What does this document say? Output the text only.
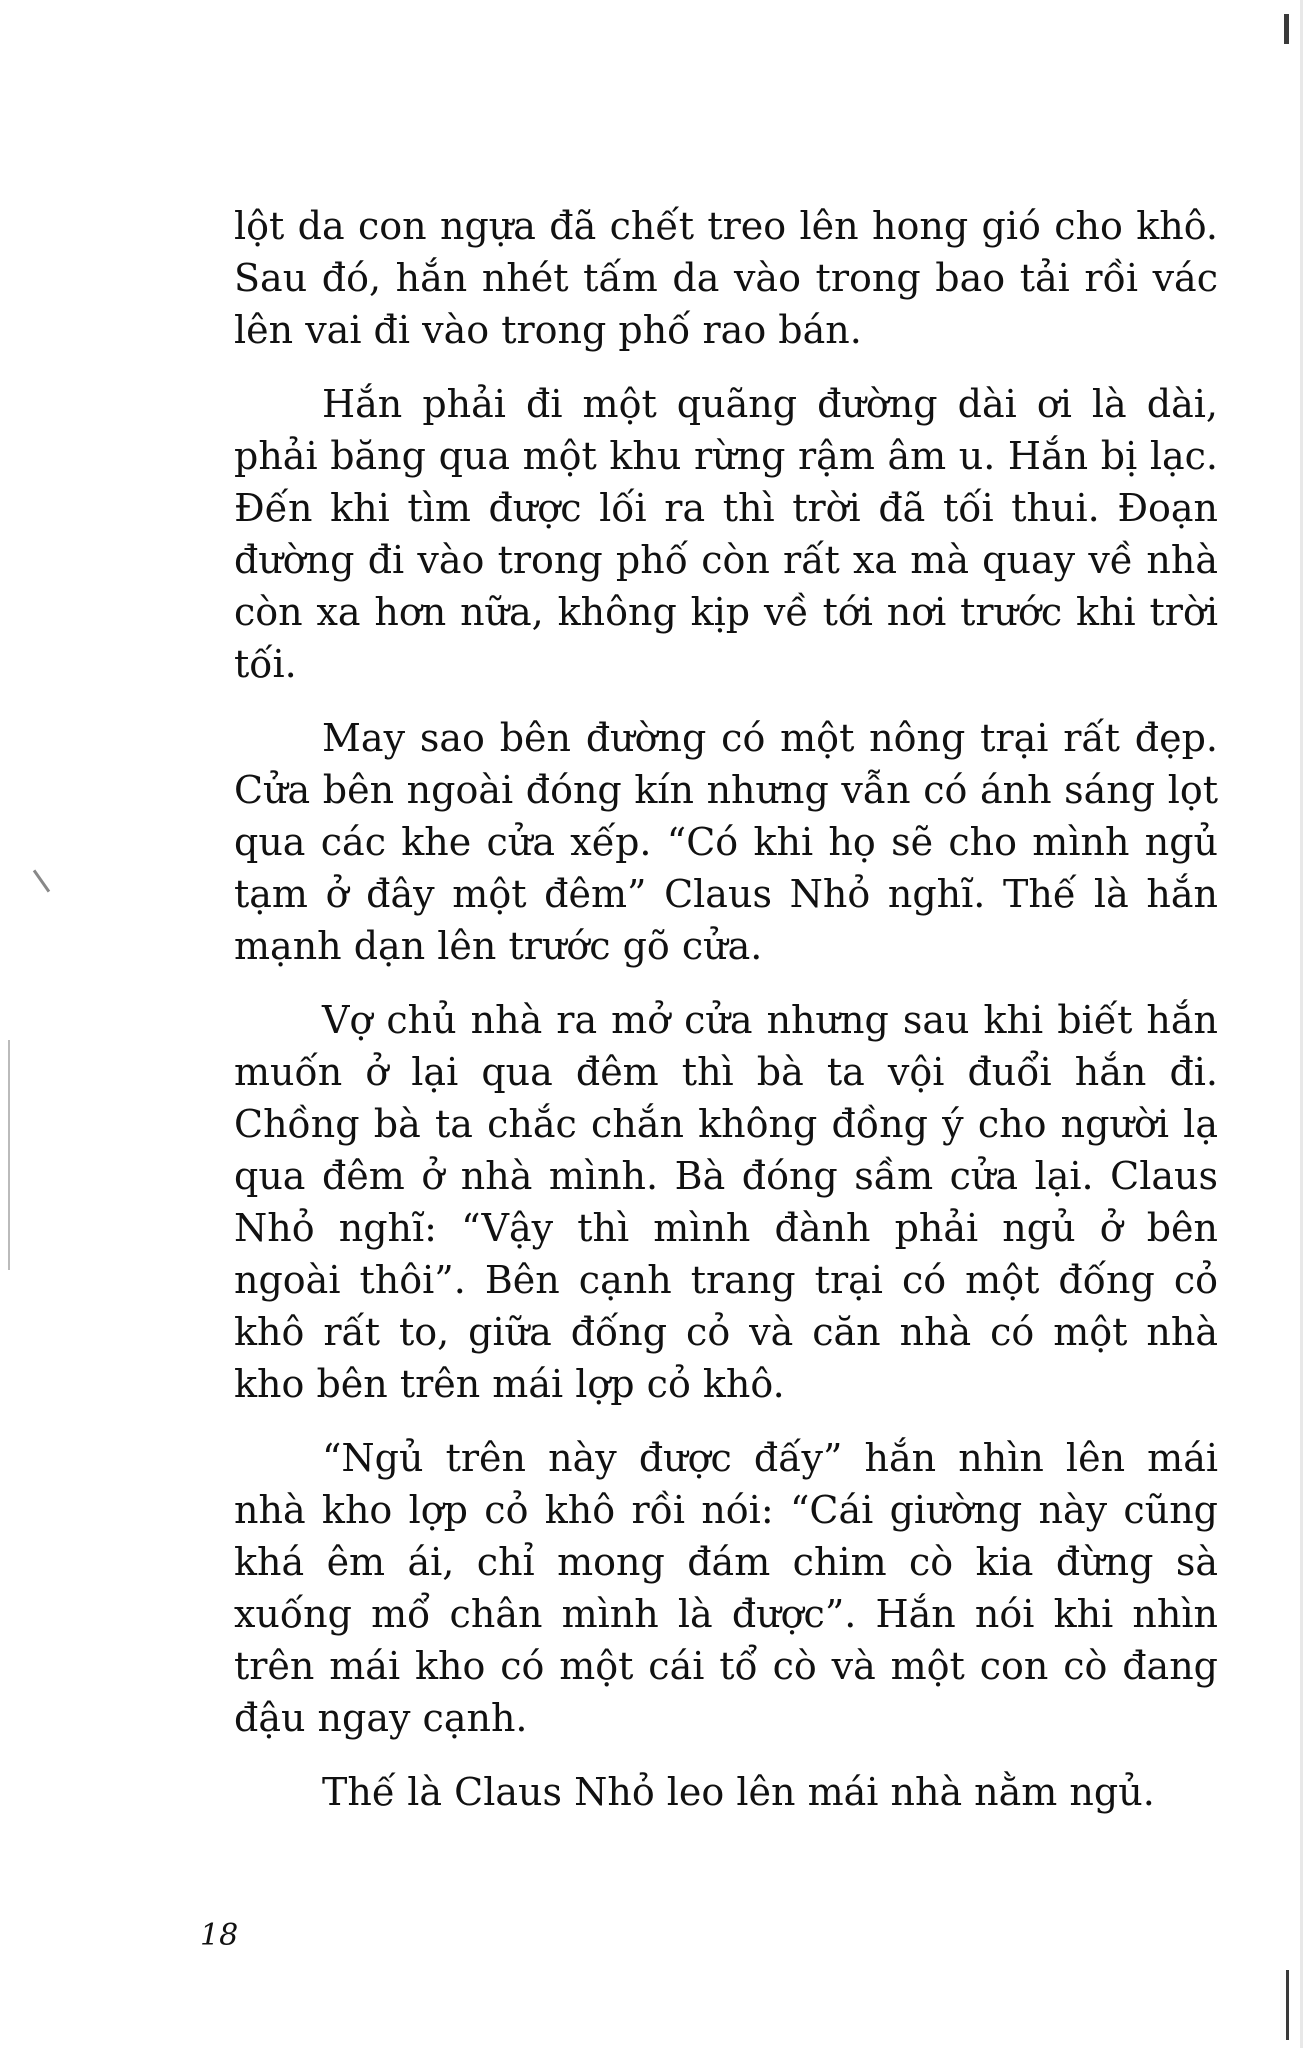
lột da con ngựa đã chết treo lên hong gió cho khô. Sau đó, hắn nhét tấm da vào trong bao tải rồi vác lên vai đi vào trong phố rao bán.

Hắn phải đi một quãng đường dài ơi là dài, phải băng qua một khu rừng rậm âm u. Hắn bị lạc. Đến khi tìm được lối ra thì trời đã tối thui. Đoạn đường đi vào trong phố còn rất xa mà quay về nhà còn xa hơn nữa, không kịp về tới nơi trước khi trời tối.

May sao bên đường có một nông trại rất đẹp. Cửa bên ngoài đóng kín nhưng vẫn có ánh sáng lọt qua các khe cửa xếp. “Có khi họ sẽ cho mình ngủ tạm ở đây một đêm” Claus Nhỏ nghĩ. Thế là hắn mạnh dạn lên trước gõ cửa.

Vợ chủ nhà ra mở cửa nhưng sau khi biết hắn muốn ở lại qua đêm thì bà ta vội đuổi hắn đi. Chồng bà ta chắc chắn không đồng ý cho người lạ qua đêm ở nhà mình. Bà đóng sầm cửa lại. Claus Nhỏ nghĩ: “Vậy thì mình đành phải ngủ ở bên ngoài thôi”. Bên cạnh trang trại có một đống cỏ khô rất to, giữa đống cỏ và căn nhà có một nhà kho bên trên mái lợp cỏ khô.

“Ngủ trên này được đấy” hắn nhìn lên mái nhà kho lợp cỏ khô rồi nói: “Cái giường này cũng khá êm ái, chỉ mong đám chim cò kia đừng sà xuống mổ chân mình là được”. Hắn nói khi nhìn trên mái kho có một cái tổ cò và một con cò đang đậu ngay cạnh.

Thế là Claus Nhỏ leo lên mái nhà nằm ngủ.

18
